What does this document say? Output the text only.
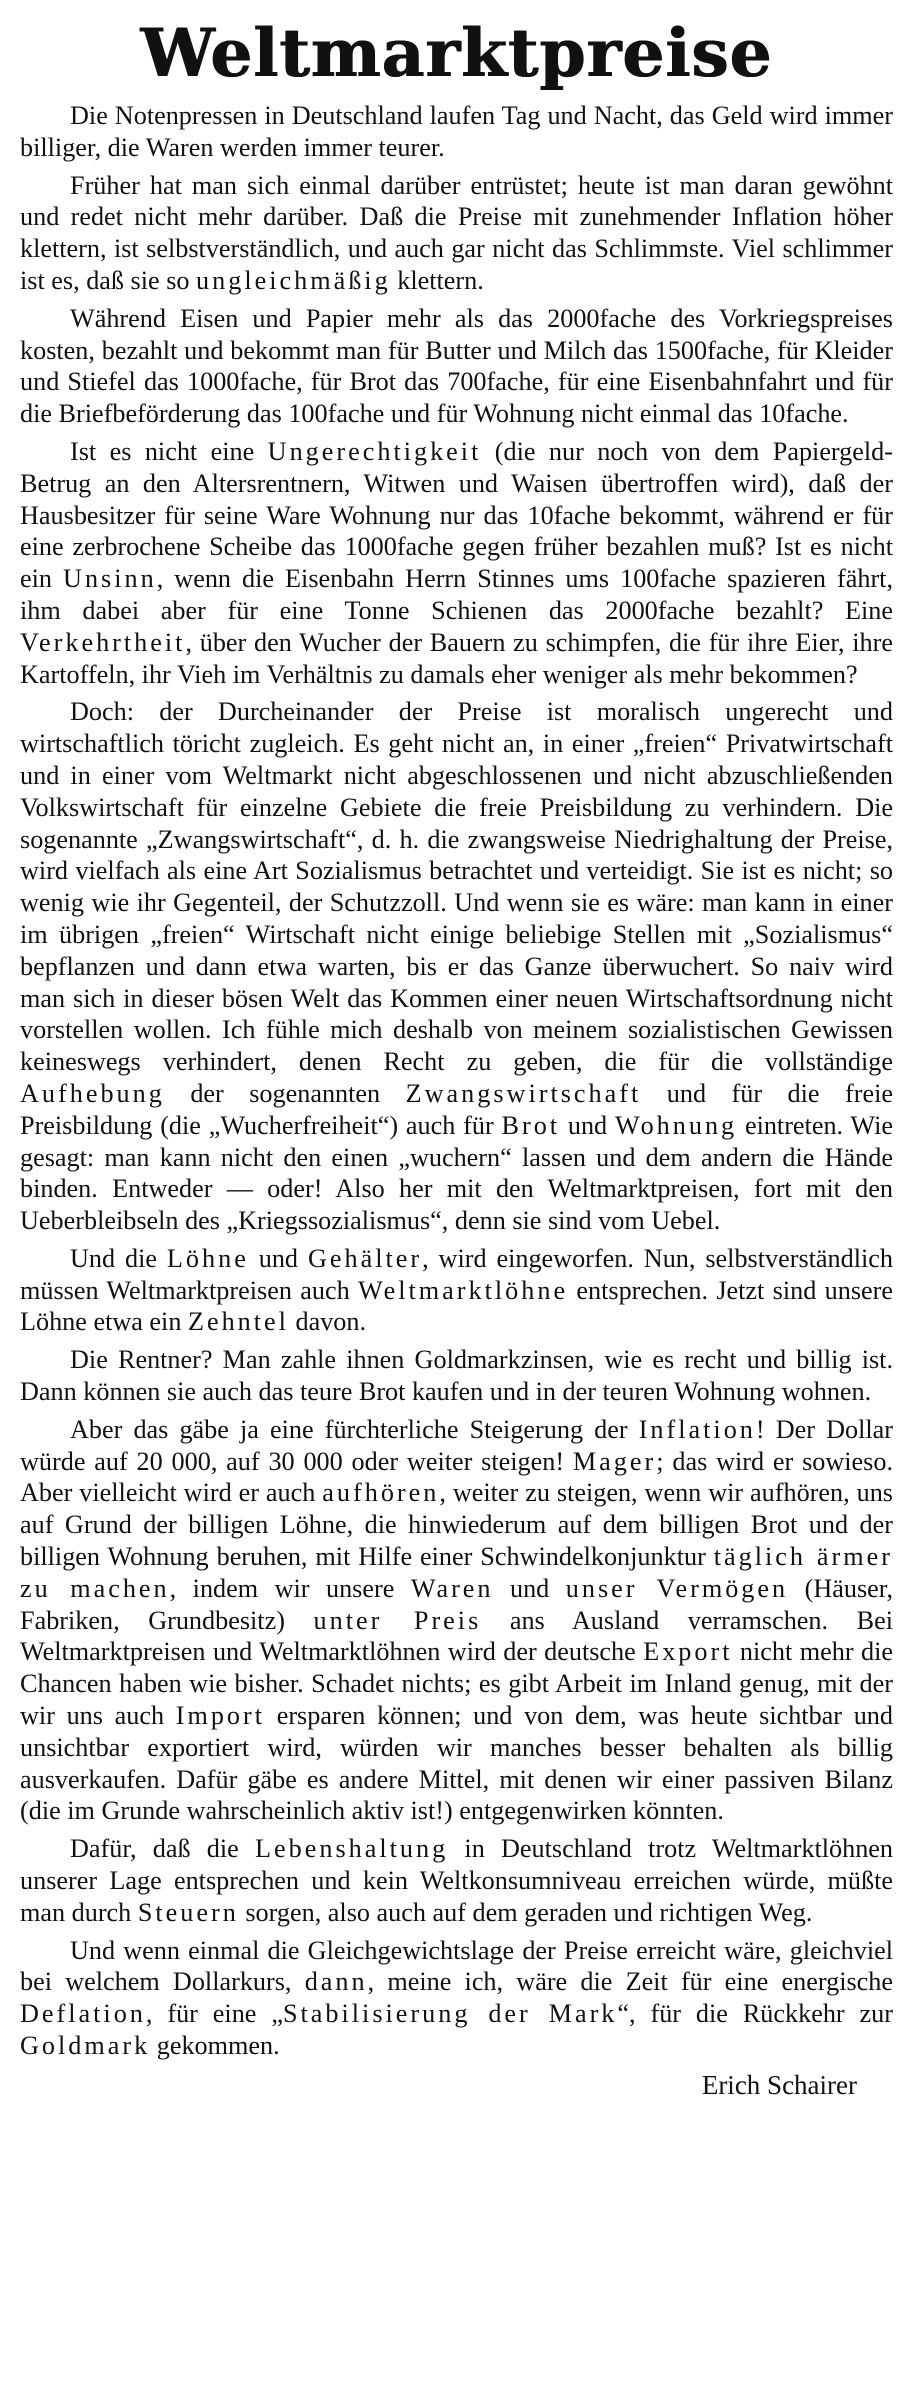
Weltmarktpreise

Die Notenpressen in Deutschland laufen Tag und Nacht, das Geld wird immer billiger, die Waren werden immer teurer.

Früher hat man sich einmal darüber entrüstet; heute ist man daran gewöhnt und redet nicht mehr darüber. Daß die Preise mit zunehmender Inflation höher klettern, ist selbstverständlich, und auch gar nicht das Schlimmste. Viel schlimmer ist es, daß sie so ungleichmäßig klettern.

Während Eisen und Papier mehr als das 2000fache des Vorkriegspreises kosten, bezahlt und bekommt man für Butter und Milch das 1500fache, für Kleider und Stiefel das 1000fache, für Brot das 700fache, für eine Eisenbahnfahrt und für die Briefbeförderung das 100fache und für Wohnung nicht einmal das 10fache.

Ist es nicht eine Ungerechtigkeit (die nur noch von dem Papiergeld-Betrug an den Altersrentnern, Witwen und Waisen übertroffen wird), daß der Hausbesitzer für seine Ware Wohnung nur das 10fache bekommt, während er für eine zerbrochene Scheibe das 1000fache gegen früher bezahlen muß? Ist es nicht ein Unsinn, wenn die Eisenbahn Herrn Stinnes ums 100fache spazieren fährt, ihm dabei aber für eine Tonne Schienen das 2000fache bezahlt? Eine Verkehrtheit, über den Wucher der Bauern zu schimpfen, die für ihre Eier, ihre Kartoffeln, ihr Vieh im Verhältnis zu damals eher weniger als mehr bekommen?

Doch: der Durcheinander der Preise ist moralisch ungerecht und wirtschaftlich töricht zugleich. Es geht nicht an, in einer „freien“ Privatwirtschaft und in einer vom Weltmarkt nicht abgeschlossenen und nicht abzuschließenden Volkswirtschaft für einzelne Gebiete die freie Preisbildung zu verhindern. Die sogenannte „Zwangswirtschaft“, d. h. die zwangsweise Niedrighaltung der Preise, wird vielfach als eine Art Sozialismus betrachtet und verteidigt. Sie ist es nicht; so wenig wie ihr Gegenteil, der Schutzzoll. Und wenn sie es wäre: man kann in einer im übrigen „freien“ Wirtschaft nicht einige beliebige Stellen mit „Sozialismus“ bepflanzen und dann etwa warten, bis er das Ganze überwuchert. So naiv wird man sich in dieser bösen Welt das Kommen einer neuen Wirtschaftsordnung nicht vorstellen wollen. Ich fühle mich deshalb von meinem sozialistischen Gewissen keineswegs verhindert, denen Recht zu geben, die für die vollständige Aufhebung der sogenannten Zwangswirtschaft und für die freie Preisbildung (die „Wucherfreiheit“) auch für Brot und Wohnung eintreten. Wie gesagt: man kann nicht den einen „wuchern“ lassen und dem andern die Hände binden. Entweder — oder! Also her mit den Weltmarktpreisen, fort mit den Ueberbleibseln des „Kriegssozialismus“, denn sie sind vom Uebel.

Und die Löhne und Gehälter, wird eingeworfen. Nun, selbstverständlich müssen Weltmarktpreisen auch Weltmarktlöhne entsprechen. Jetzt sind unsere Löhne etwa ein Zehntel davon.

Die Rentner? Man zahle ihnen Goldmarkzinsen, wie es recht und billig ist. Dann können sie auch das teure Brot kaufen und in der teuren Wohnung wohnen.

Aber das gäbe ja eine fürchterliche Steigerung der Inflation! Der Dollar würde auf 20 000, auf 30 000 oder weiter steigen! Mager; das wird er sowieso. Aber vielleicht wird er auch aufhören, weiter zu steigen, wenn wir aufhören, uns auf Grund der billigen Löhne, die hinwiederum auf dem billigen Brot und der billigen Wohnung beruhen, mit Hilfe einer Schwindelkonjunktur täglich ärmer zu machen, indem wir unsere Waren und unser Vermögen (Häuser, Fabriken, Grundbesitz) unter Preis ans Ausland verramschen. Bei Weltmarktpreisen und Weltmarktlöhnen wird der deutsche Export nicht mehr die Chancen haben wie bisher. Schadet nichts; es gibt Arbeit im Inland genug, mit der wir uns auch Import ersparen können; und von dem, was heute sichtbar und unsichtbar exportiert wird, würden wir manches besser behalten als billig ausverkaufen. Dafür gäbe es andere Mittel, mit denen wir einer passiven Bilanz (die im Grunde wahrscheinlich aktiv ist!) entgegenwirken könnten.

Dafür, daß die Lebenshaltung in Deutschland trotz Weltmarktlöhnen unserer Lage entsprechen und kein Weltkonsumniveau erreichen würde, müßte man durch Steuern sorgen, also auch auf dem geraden und richtigen Weg.

Und wenn einmal die Gleichgewichtslage der Preise erreicht wäre, gleichviel bei welchem Dollarkurs, dann, meine ich, wäre die Zeit für eine energische Deflation, für eine „Stabilisierung der Mark“, für die Rückkehr zur Goldmark gekommen.

Erich Schairer
